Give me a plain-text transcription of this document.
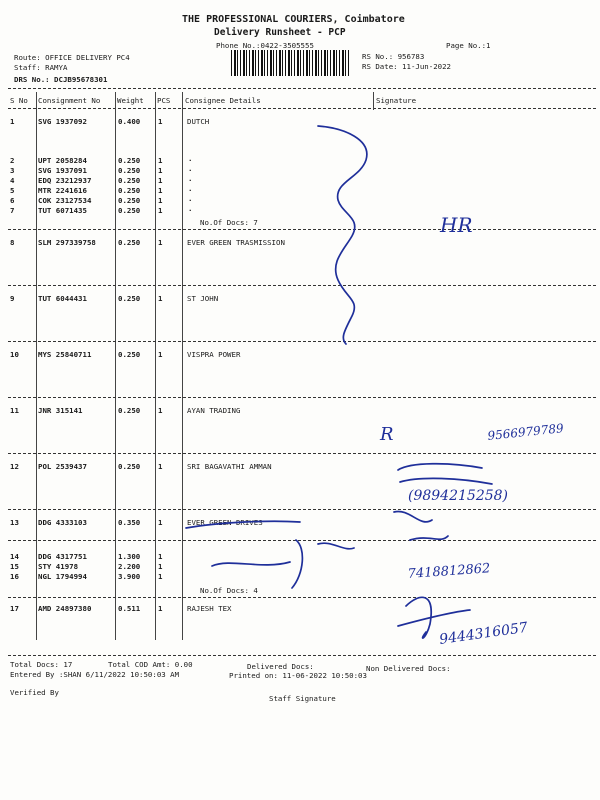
THE PROFESSIONAL COURIERS, Coimbatore
Delivery Runsheet - PCP
Phone No.:0422-3505555	Page No.:1
Route: OFFICE DELIVERY PC4
Staff: RAMYA
DRS No.: DCJB95678301
RS No.: 956783
RS Date: 11-Jun-2022
S No Consignment No Weight PCS Consignee Details	Signature
1	SVG 1937092	0.400 1	DUTCH
2	UPT 2058284	0.250 1	.
3	SVG 1937091	0.250 1	.
4	EDQ 23212937	0.250 1	.
5	MTR 2241616	0.250 1	.
6	COK 23127534	0.250 1	.
7	TUT 6071435	0.250 1	.
No.Of Docs: 7
8	SLM 297339758	0.250 1	EVER GREEN TRASMISSION
9	TUT 6044431	0.250 1	ST JOHN
10	MYS 25840711	0.250 1	VISPRA POWER
11	JNR 315141	0.250 1	AYAN TRADING
12	POL 2539437	0.250 1	SRI BAGAVATHI AMMAN
13	DDG 4333103	0.350 1	EVER GREEN DRIVES
14	DDG 4317751	1.300 1
15	STY 41978	2.200 1
16	NGL 1794994	3.900 1
No.Of Docs: 4
17	AMD 24897380	0.511 1	RAJESH TEX
Total Docs: 17	Total COD Amt: 0.00	Delivered Docs:	Non Delivered Docs:
Entered By :SHAN 6/11/2022 10:50:03 AM	Printed on: 11-06-2022 10:50:03
Verified By
Staff Signature
HR
9566979789
R
(9894215258)
7418812862
9444316057
